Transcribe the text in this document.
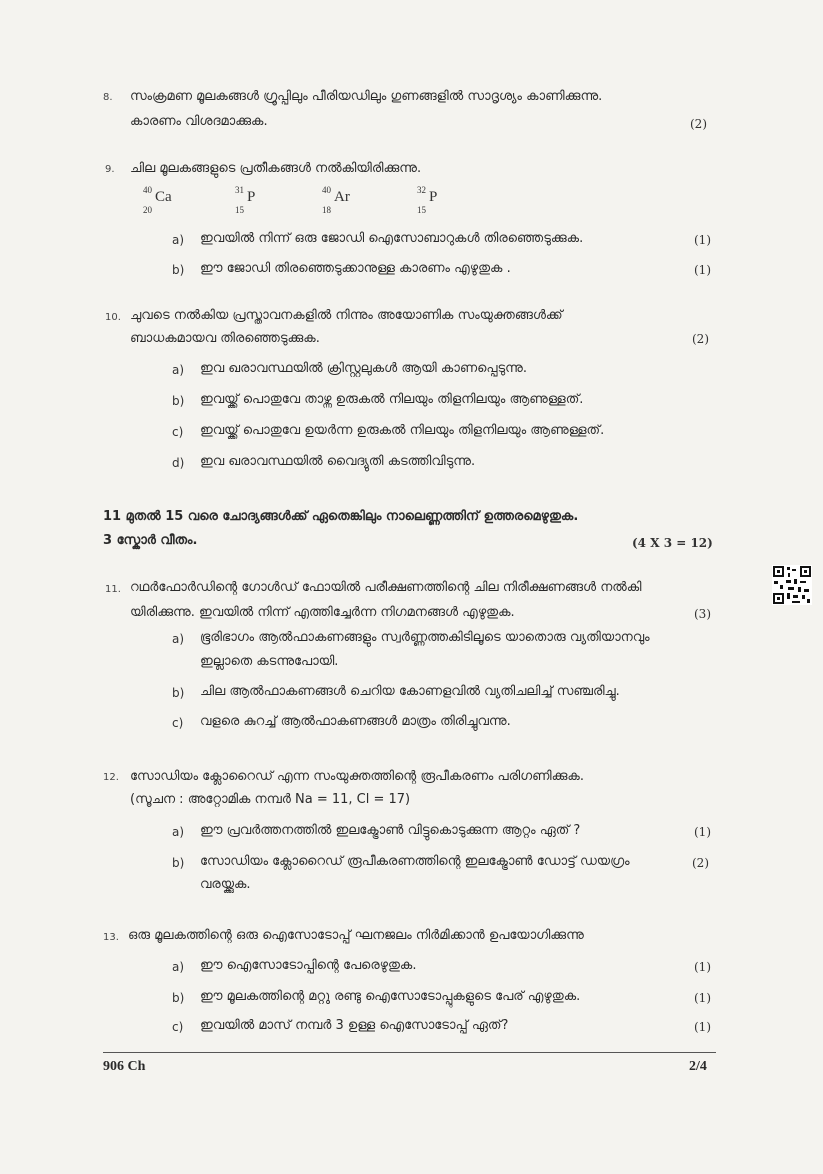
8. സംക്രമണ മൂലകങ്ങൾ ഗ്രൂപ്പിലും പീരിയഡിലും ഗുണങ്ങളിൽ സാദൃശ്യം കാണിക്കുന്നു.
കാരണം വിശദമാക്കുക.	(2)
9. ചില മൂലകങ്ങളുടെ പ്രതീകങ്ങൾ നൽകിയിരിക്കുന്നു.
40 Ca
20
31 P
15
40 Ar
18
32 P
15
a) ഇവയിൽ നിന്ന് ഒരു ജോഡി ഐസോബാറുകൾ തിരഞ്ഞെടുക്കുക.	(1)
b) ഈ ജോഡി തിരഞ്ഞെടുക്കാനുള്ള കാരണം എഴുതുക .	(1)
10. ചുവടെ നൽകിയ പ്രസ്താവനകളിൽ നിന്നും അയോണിക സംയുക്തങ്ങൾക്ക്
ബാധകമായവ തിരഞ്ഞെടുക്കുക.	(2)
a) ഇവ ഖരാവസ്ഥയിൽ ക്രിസ്റ്റലുകൾ ആയി കാണപ്പെടുന്നു.
b) ഇവയ്ക്ക് പൊതുവേ താഴ്ന്ന ഉരുകൽ നിലയും തിളനിലയും ആണുള്ളത്.
c) ഇവയ്ക്ക് പൊതുവേ ഉയർന്ന ഉരുകൽ നിലയും തിളനിലയും ആണുള്ളത്.
d) ഇവ ഖരാവസ്ഥയിൽ വൈദ്യുതി കടത്തിവിടുന്നു.
11 മുതൽ 15 വരെ ചോദ്യങ്ങൾക്ക് ഏതെങ്കിലും നാലെണ്ണത്തിന് ഉത്തരമെഴുതുക.
3 സ്കോർ വീതം.	(4 X 3 = 12)
11. റഥർഫോർഡിന്റെ ഗോൾഡ് ഫോയിൽ പരീക്ഷണത്തിന്റെ ചില നിരീക്ഷണങ്ങൾ നൽകി
യിരിക്കുന്നു. ഇവയിൽ നിന്ന് എത്തിച്ചേർന്ന നിഗമനങ്ങൾ എഴുതുക.	(3)
a) ഭൂരിഭാഗം ആൽഫാകണങ്ങളും സ്വർണ്ണത്തകിടിലൂടെ യാതൊരു വ്യതിയാനവും
ഇല്ലാതെ കടന്നുപോയി.
b) ചില ആൽഫാകണങ്ങൾ ചെറിയ കോണളവിൽ വ്യതിചലിച്ച് സഞ്ചരിച്ചു.
c) വളരെ കുറച്ച് ആൽഫാകണങ്ങൾ മാത്രം തിരിച്ചുവന്നു.
12. സോഡിയം ക്ലോറൈഡ് എന്ന സംയുക്തത്തിന്റെ രൂപീകരണം പരിഗണിക്കുക.
(സൂചന : അറ്റോമിക നമ്പർ Na = 11, Cl = 17)
a) ഈ പ്രവർത്തനത്തിൽ ഇലക്ട്രോൺ വിട്ടുകൊടുക്കുന്ന ആറ്റം ഏത് ?	(1)
b) സോഡിയം ക്ലോറൈഡ് രൂപീകരണത്തിന്റെ ഇലക്ട്രോൺ ഡോട്ട് ഡയഗ്രം
വരയ്ക്കുക.
(2)
13. ഒരു മൂലകത്തിന്റെ ഒരു ഐസോടോപ്പ് ഘനജലം നിർമിക്കാൻ ഉപയോഗിക്കുന്നു
a) ഈ ഐസോടോപ്പിന്റെ പേരെഴുതുക.	(1)
b) ഈ മൂലകത്തിന്റെ മറ്റു രണ്ടു ഐസോടോപ്പുകളുടെ പേര് എഴുതുക.	(1)
c) ഇവയിൽ മാസ് നമ്പർ 3 ഉള്ള ഐസോടോപ്പ് ഏത്?	(1)
906 Ch	2/4
